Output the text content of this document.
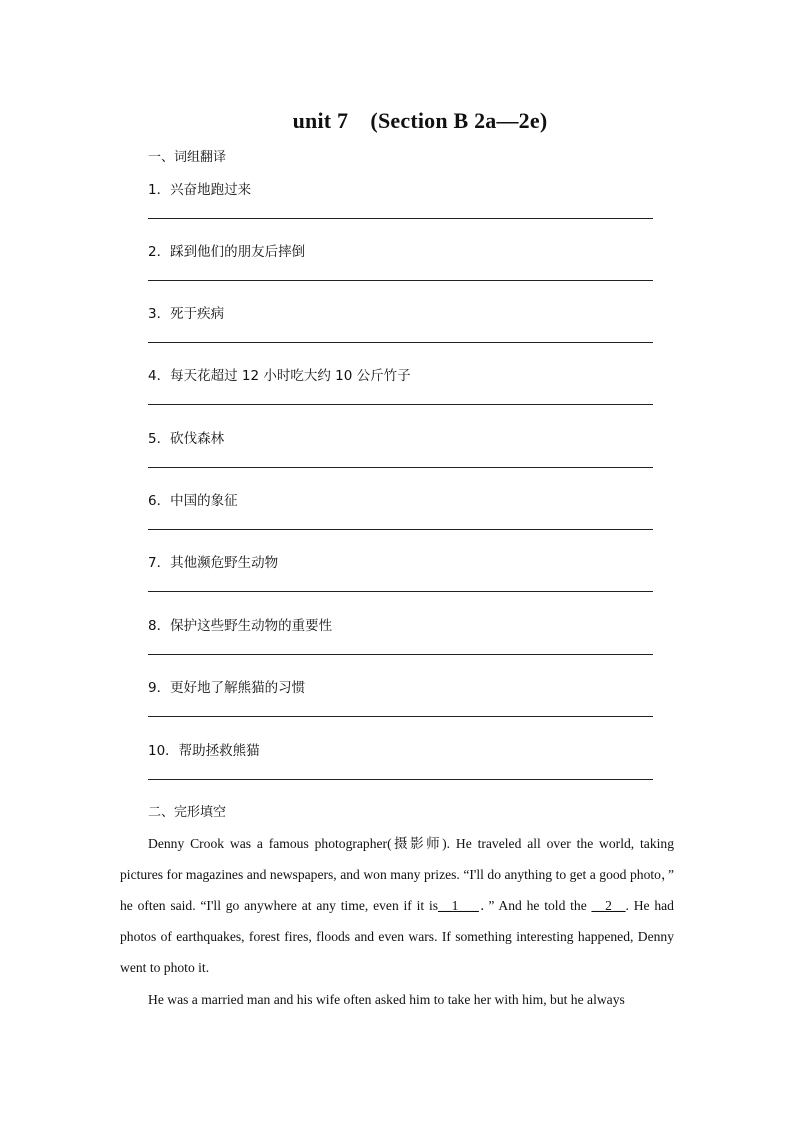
unit 7　(Section B 2a—2e)
一、词组翻译
1．兴奋地跑过来
2．踩到他们的朋友后摔倒
3．死于疾病
4．每天花超过 12 小时吃大约 10 公斤竹子
5．砍伐森林
6．中国的象征
7．其他濒危野生动物
8．保护这些野生动物的重要性
9．更好地了解熊猫的习惯
10．帮助拯救熊猫
二、完形填空

Denny Crook was a famous photographer(摄影师). He traveled all over the world, taking pictures for magazines and newspapers, and won many prizes. “I'll do anything to get a good photo，” he often said. “I'll go anywhere at any time, even if it is__1___．” And he told the __2__. He had photos of earthquakes, forest fires, floods and even wars. If something interesting happened, Denny went to photo it.

He was a married man and his wife often asked him to take her with him, but he always
